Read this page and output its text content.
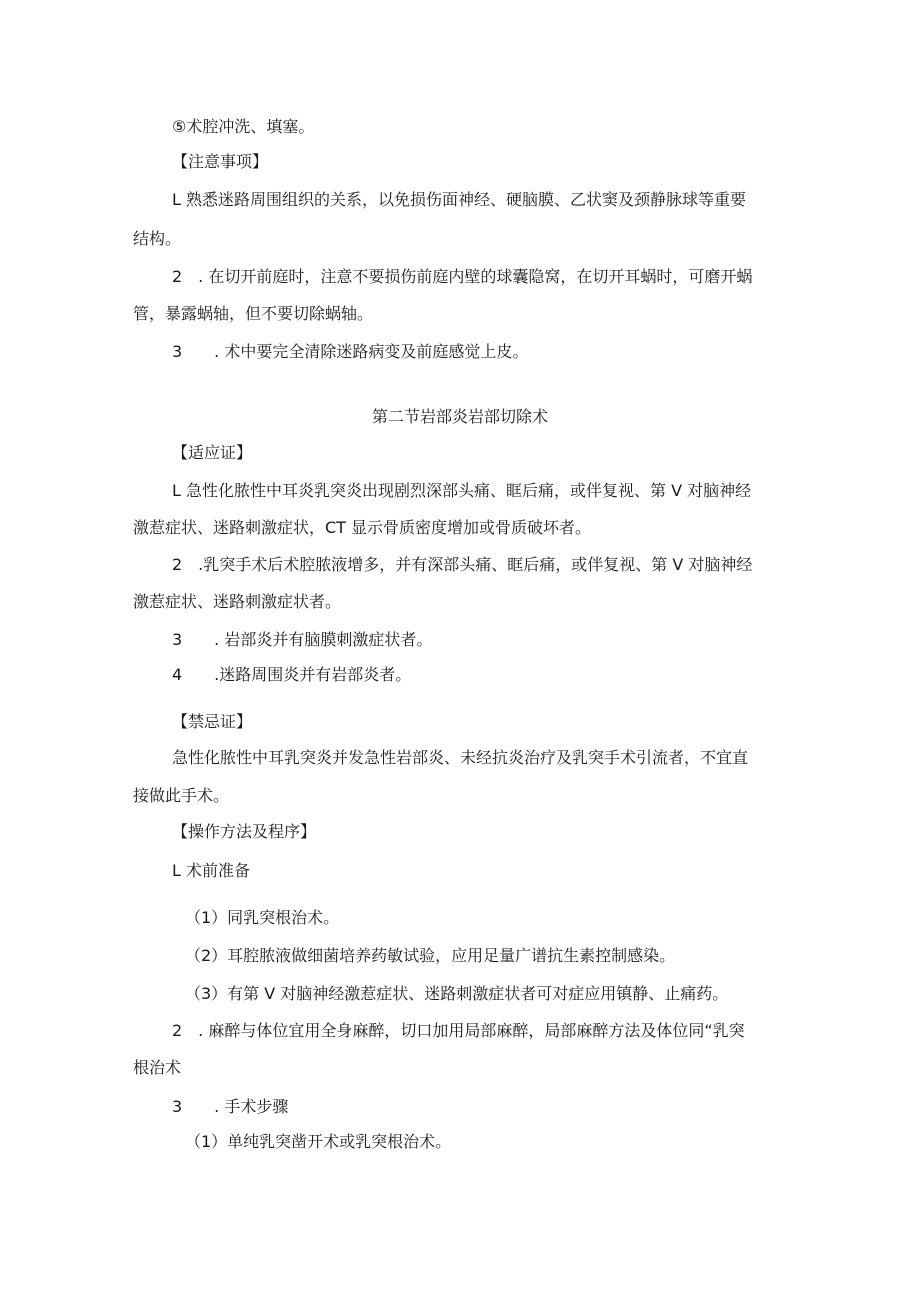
⑤术腔冲洗、填塞。
【注意事项】
L 熟悉迷路周围组织的关系，以免损伤面神经、硬脑膜、乙状窦及颈静脉球等重要
结构。
2　. 在切开前庭时，注意不要损伤前庭内壁的球囊隐窝，在切开耳蜗时，可磨开蜗
管，暴露蜗轴，但不要切除蜗轴。
3　　. 术中要完全清除迷路病变及前庭感觉上皮。
第二节岩部炎岩部切除术
【适应证】
L 急性化脓性中耳炎乳突炎出现剧烈深部头痛、眶后痛，或伴复视、第 V 对脑神经
激惹症状、迷路刺激症状，CT 显示骨质密度增加或骨质破坏者。
2　.乳突手术后术腔脓液增多，并有深部头痛、眶后痛，或伴复视、第 V 对脑神经
激惹症状、迷路刺激症状者。
3　　. 岩部炎并有脑膜刺激症状者。
4　　.迷路周围炎并有岩部炎者。
【禁忌证】
急性化脓性中耳乳突炎并发急性岩部炎、未经抗炎治疗及乳突手术引流者，不宜直
接做此手术。
【操作方法及程序】
L 术前准备
（1）同乳突根治术。
（2）耳腔脓液做细菌培养药敏试验，应用足量广谱抗生素控制感染。
（3）有第 V 对脑神经激惹症状、迷路刺激症状者可对症应用镇静、止痛药。
2　. 麻醉与体位宜用全身麻醉，切口加用局部麻醉，局部麻醉方法及体位同“乳突
根治术
3　　. 手术步骤
（1）单纯乳突凿开术或乳突根治术。
